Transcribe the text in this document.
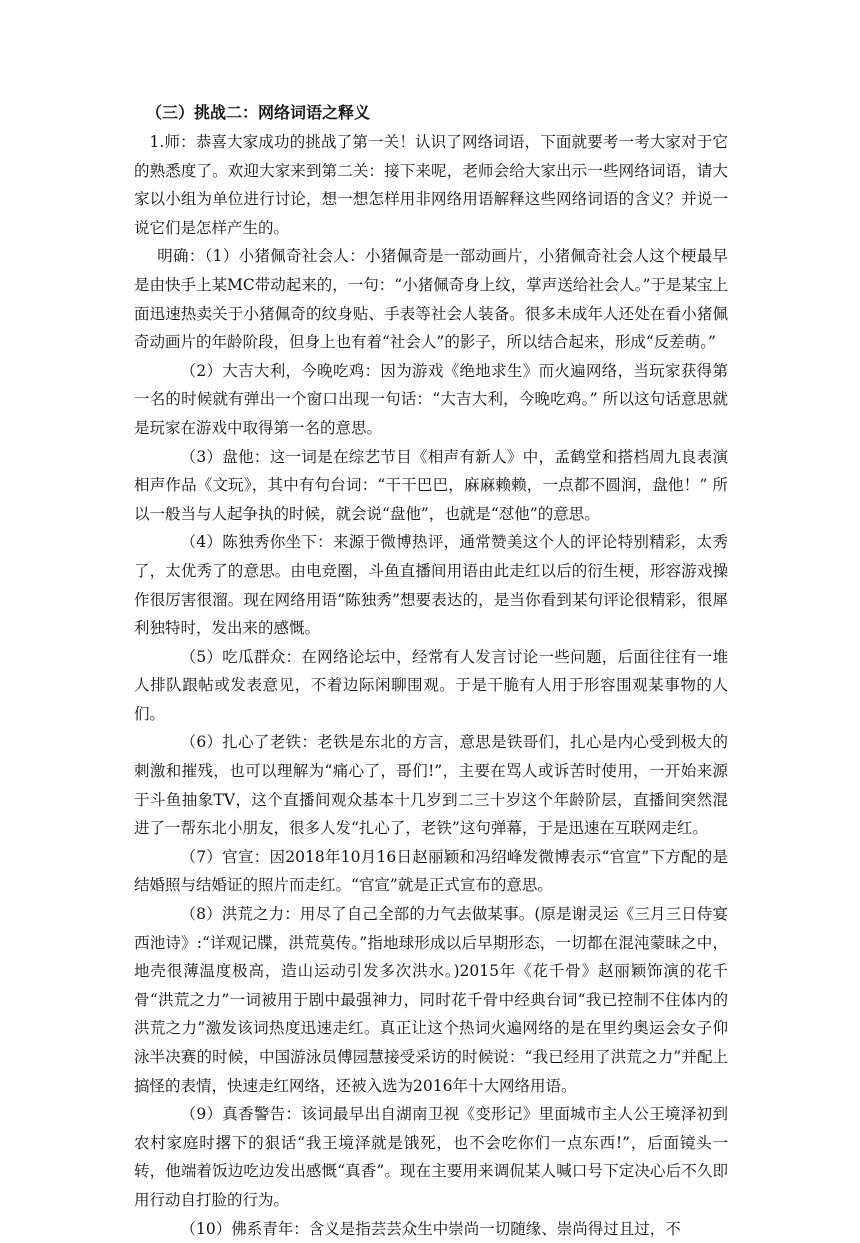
（三）挑战二：网络词语之释义

1.师：恭喜大家成功的挑战了第一关！认识了网络词语，下面就要考一考大家对于它的熟悉度了。欢迎大家来到第二关：接下来呢，老师会给大家出示一些网络词语，请大家以小组为单位进行讨论，想一想怎样用非网络用语解释这些网络词语的含义？并说一说它们是怎样产生的。

明确：（1）小猪佩奇社会人：小猪佩奇是一部动画片，小猪佩奇社会人这个梗最早是由快手上某MC带动起来的，一句：“小猪佩奇身上纹，掌声送给社会人。”于是某宝上面迅速热卖关于小猪佩奇的纹身贴、手表等社会人装备。很多未成年人还处在看小猪佩奇动画片的年龄阶段，但身上也有着“社会人”的影子，所以结合起来，形成“反差萌。”

（2）大吉大利，今晚吃鸡：因为游戏《绝地求生》而火遍网络，当玩家获得第一名的时候就有弹出一个窗口出现一句话：“大吉大利，今晚吃鸡。” 所以这句话意思就是玩家在游戏中取得第一名的意思。

（3）盘他：这一词是在综艺节目《相声有新人》中，孟鹤堂和搭档周九良表演相声作品《文玩》，其中有句台词：“干干巴巴，麻麻赖赖，一点都不圆润，盘他！” 所以一般当与人起争执的时候，就会说“盘他”，也就是“怼他”的意思。

（4）陈独秀你坐下：来源于微博热评，通常赞美这个人的评论特别精彩，太秀了，太优秀了的意思。由电竞圈，斗鱼直播间用语由此走红以后的衍生梗，形容游戏操作很厉害很溜。现在网络用语“陈独秀”想要表达的，是当你看到某句评论很精彩，很犀利独特时，发出来的感慨。

（5）吃瓜群众：在网络论坛中，经常有人发言讨论一些问题，后面往往有一堆人排队跟帖或发表意见，不着边际闲聊围观。于是干脆有人用于形容围观某事物的人们。

（6）扎心了老铁：老铁是东北的方言，意思是铁哥们，扎心是内心受到极大的刺激和摧残，也可以理解为“痛心了，哥们!”，主要在骂人或诉苦时使用，一开始来源于斗鱼抽象TV，这个直播间观众基本十几岁到二三十岁这个年龄阶层，直播间突然混进了一帮东北小朋友，很多人发“扎心了，老铁”这句弹幕，于是迅速在互联网走红。

（7）官宣：因2018年10月16日赵丽颖和冯绍峰发微博表示“官宣”下方配的是结婚照与结婚证的照片而走红。“官宣”就是正式宣布的意思。

（8）洪荒之力：用尽了自己全部的力气去做某事。(原是谢灵运《三月三日侍宴西池诗》:“详观记牒，洪荒莫传。”指地球形成以后早期形态，一切都在混沌蒙昧之中，地壳很薄温度极高，造山运动引发多次洪水。)2015年《花千骨》赵丽颖饰演的花千骨“洪荒之力”一词被用于剧中最强神力，同时花千骨中经典台词“我已控制不住体内的洪荒之力”激发该词热度迅速走红。真正让这个热词火遍网络的是在里约奥运会女子仰泳半决赛的时候，中国游泳员傅园慧接受采访的时候说：“我已经用了洪荒之力”并配上搞怪的表情，快速走红网络，还被入选为2016年十大网络用语。

（9）真香警告：该词最早出自湖南卫视《变形记》里面城市主人公王境泽初到农村家庭时撂下的狠话“我王境泽就是饿死，也不会吃你们一点东西!”，后面镜头一转，他端着饭边吃边发出感慨“真香”。现在主要用来调侃某人喊口号下定决心后不久即用行动自打脸的行为。

（10）佛系青年：含义是指芸芸众生中崇尚一切随缘、崇尚得过且过，不
